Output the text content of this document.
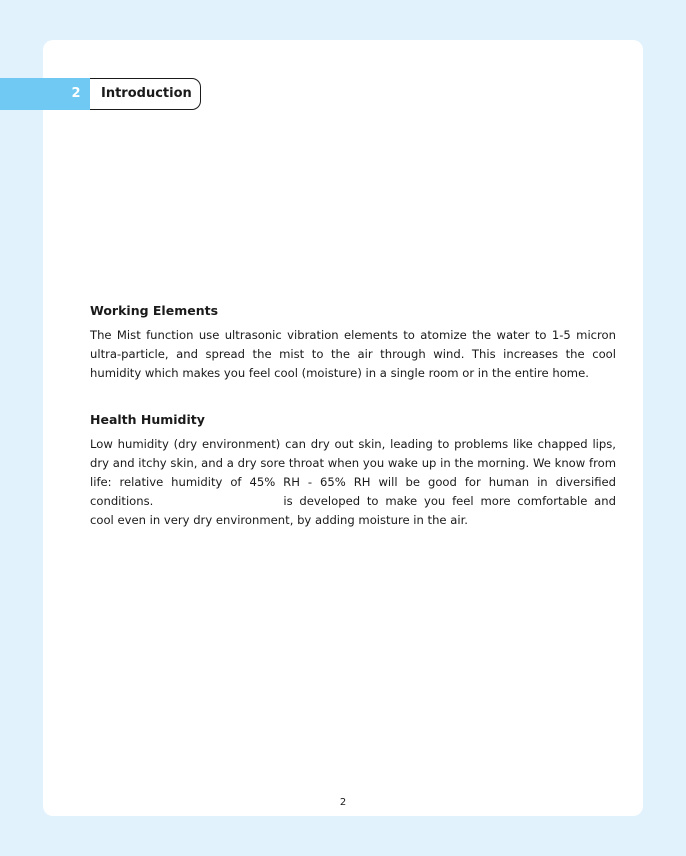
2	Introduction
Working Elements

The Mist function use ultrasonic vibration elements to atomize the water to 1-5 micron ultra-particle, and spread the mist to the air through wind. This increases the cool humidity which makes you feel cool (moisture) in a single room or in the entire home.

Health Humidity

Low humidity (dry environment) can dry out skin, leading to problems like chapped lips, dry and itchy skin, and a dry sore throat when you wake up in the morning. We know from life: relative humidity of 45% RH - 65% RH will be good for human in diversified conditions.	is developed to make you feel more comfortable and cool even in very dry environment, by adding moisture in the air.

2
